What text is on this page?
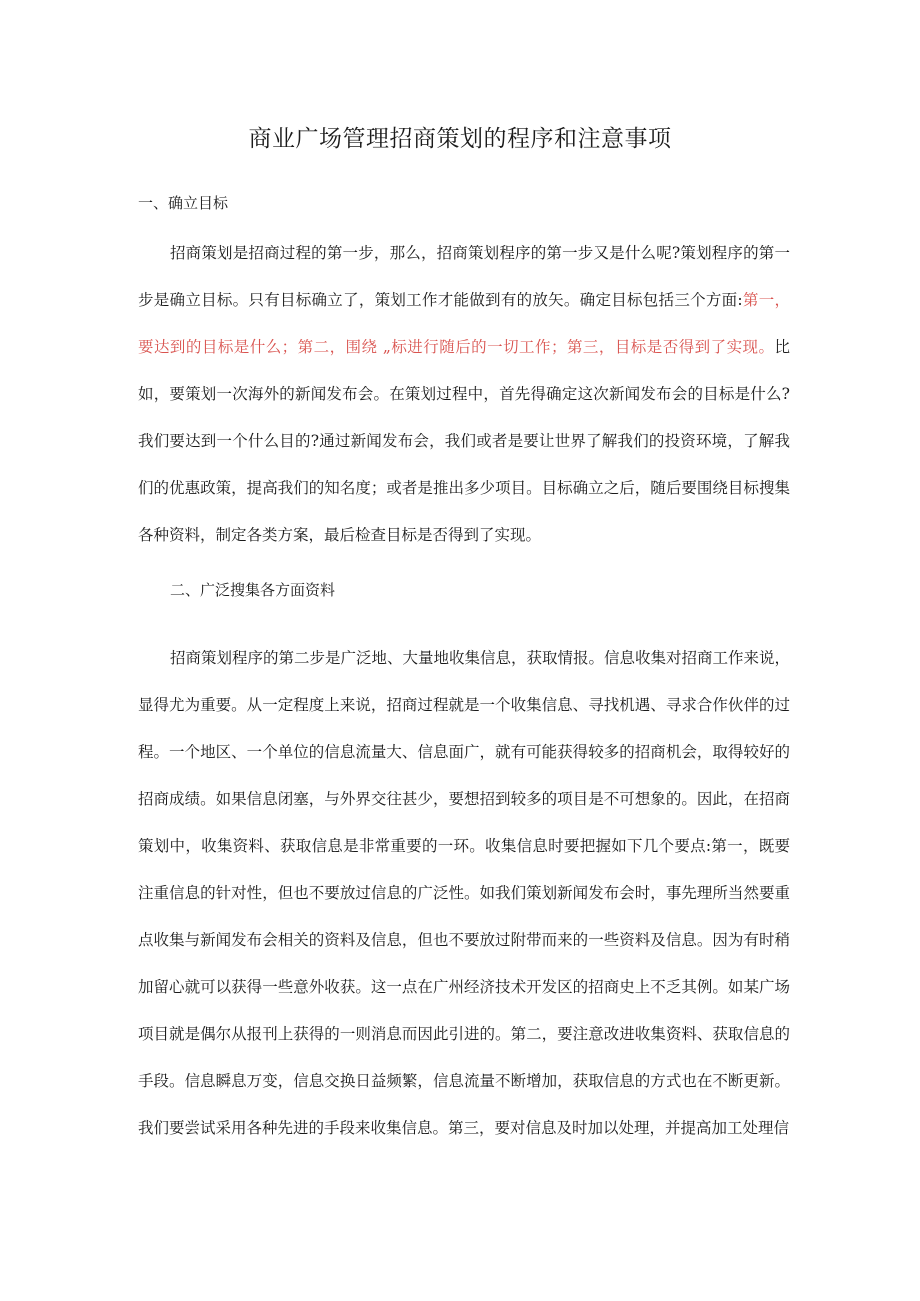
商业广场管理招商策划的程序和注意事项
一、确立目标

招商策划是招商过程的第一步，那么，招商策划程序的第一步又是什么呢?策划程序的第一步是确立目标。只有目标确立了，策划工作才能做到有的放矢。确定目标包括三个方面:第一，要达到的目标是什么；第二，围绕 „标进行随后的一切工作；第三，目标是否得到了实现。比如，要策划一次海外的新闻发布会。在策划过程中，首先得确定这次新闻发布会的目标是什么?我们要达到一个什么目的?通过新闻发布会，我们或者是要让世界了解我们的投资环境，了解我们的优惠政策，提高我们的知名度；或者是推出多少项目。目标确立之后，随后要围绕目标搜集各种资料，制定各类方案，最后检查目标是否得到了实现。

二、广泛搜集各方面资料

招商策划程序的第二步是广泛地、大量地收集信息，获取情报。信息收集对招商工作来说，显得尤为重要。从一定程度上来说，招商过程就是一个收集信息、寻找机遇、寻求合作伙伴的过程。一个地区、一个单位的信息流量大、信息面广，就有可能获得较多的招商机会，取得较好的招商成绩。如果信息闭塞，与外界交往甚少，要想招到较多的项目是不可想象的。因此，在招商策划中，收集资料、获取信息是非常重要的一环。收集信息时要把握如下几个要点:第一，既要注重信息的针对性，但也不要放过信息的广泛性。如我们策划新闻发布会时，事先理所当然要重点收集与新闻发布会相关的资料及信息，但也不要放过附带而来的一些资料及信息。因为有时稍加留心就可以获得一些意外收获。这一点在广州经济技术开发区的招商史上不乏其例。如某广场项目就是偶尔从报刊上获得的一则消息而因此引进的。第二，要注意改进收集资料、获取信息的手段。信息瞬息万变，信息交换日益频繁，信息流量不断增加，获取信息的方式也在不断更新。我们要尝试采用各种先进的手段来收集信息。第三，要对信息及时加以处理，并提高加工处理信
